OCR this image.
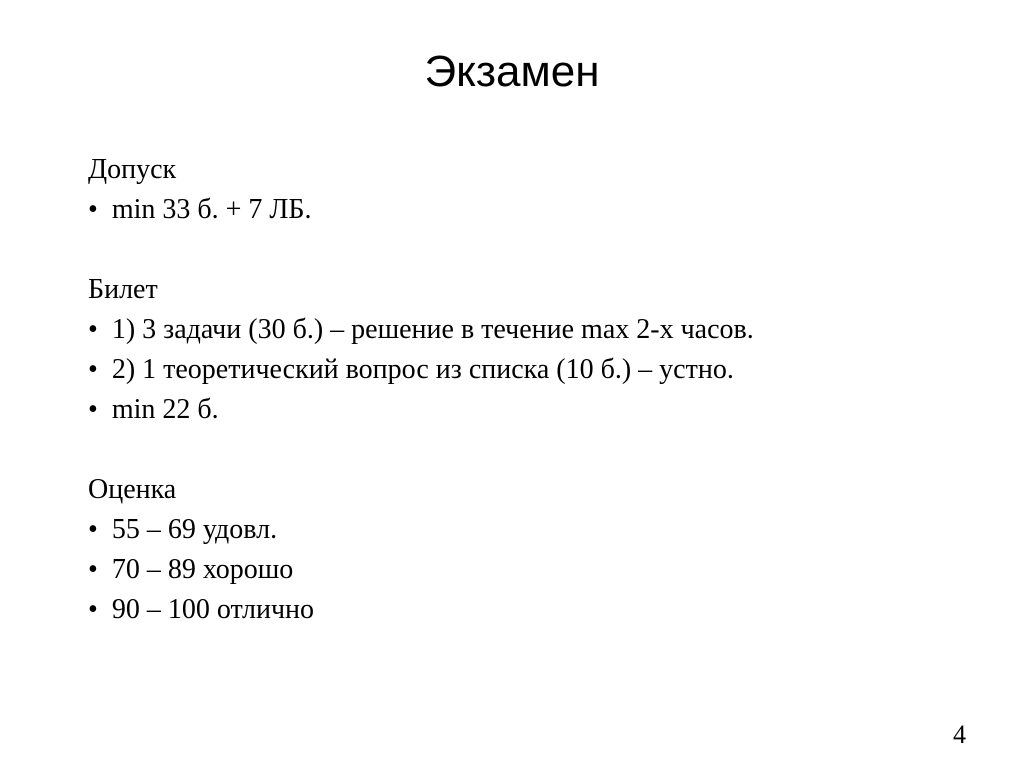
Экзамен
Допуск
•  min 33 б. + 7 ЛБ.
Билет
•  1) 3 задачи (30 б.) – решение в течение max 2-х часов.
•  2) 1 теоретический вопрос из списка (10 б.) – устно.
•  min 22 б.
Оценка
•  55 – 69 удовл.
•  70 – 89 хорошо
•  90 – 100 отлично
4
